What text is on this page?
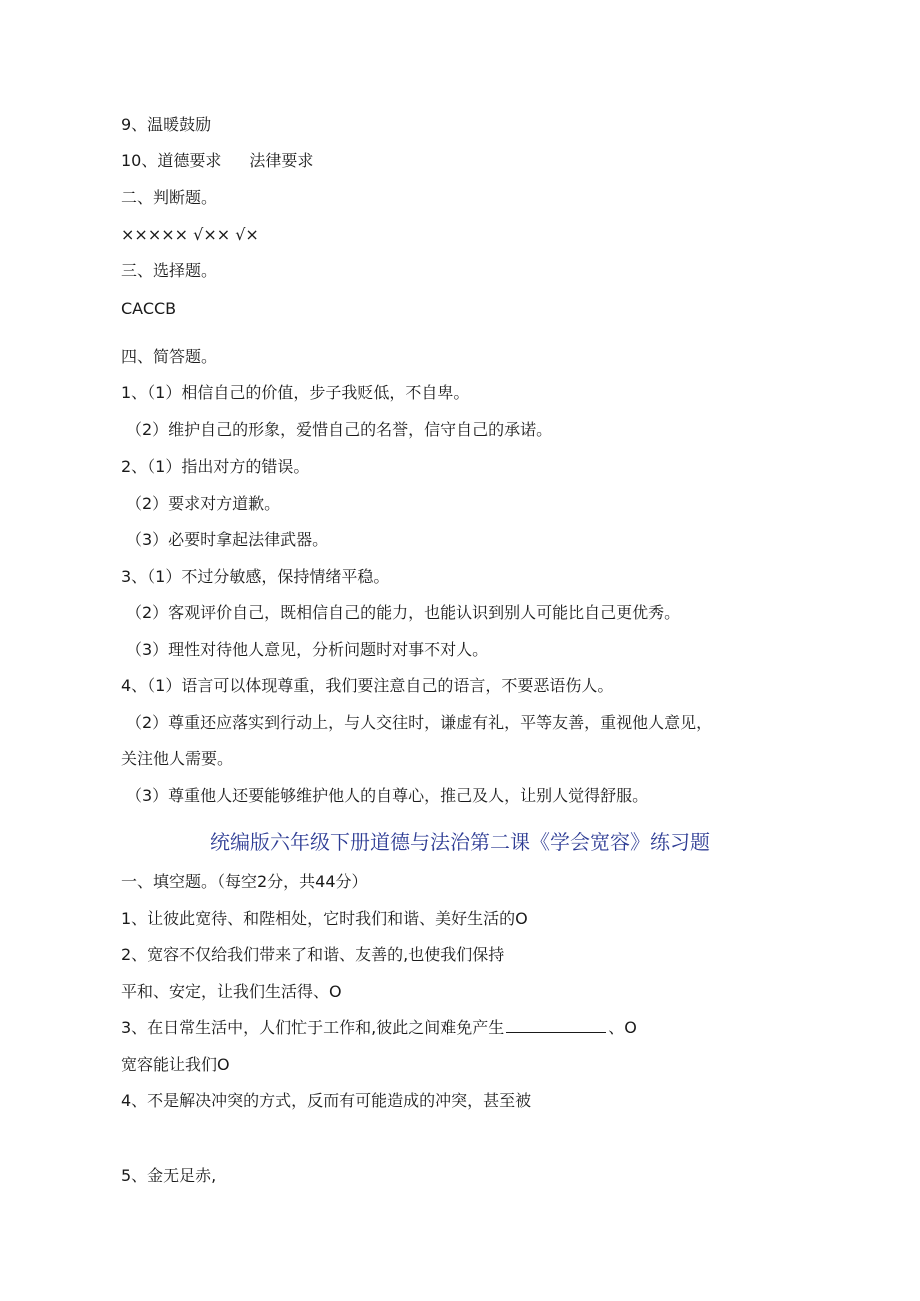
9、温暖鼓励
10、道德要求 法律要求
二、判断题。
××××× √×× √×
三、选择题。
CACCB
四、简答题。
1、（1）相信自己的价值，步子我贬低，不自卑。
（2）维护自己的形象，爱惜自己的名誉，信守自己的承诺。
2、（1）指出对方的错误。
（2）要求对方道歉。
（3）必要时拿起法律武器。
3、（1）不过分敏感，保持情绪平稳。
（2）客观评价自己，既相信自己的能力，也能认识到别人可能比自己更优秀。
（3）理性对待他人意见，分析问题时对事不对人。
4、（1）语言可以体现尊重，我们要注意自己的语言，不要恶语伤人。
（2）尊重还应落实到行动上，与人交往时，谦虚有礼，平等友善，重视他人意见，
关注他人需要。
（3）尊重他人还要能够维护他人的自尊心，推己及人，让别人觉得舒服。
统编版六年级下册道德与法治第二课《学会宽容》练习题
一、填空题。（每空2分，共44分）
1、让彼此宽待、和陛相处，它时我们和谐、美好生活的O
2、宽容不仅给我们带来了和谐、友善的,也使我们保持
平和、安定，让我们生活得、O
3、在日常生活中，人们忙于工作和,彼此之间难免产生	、O
宽容能让我们O
4、不是解决冲突的方式，反而有可能造成的冲突，甚至被
5、金无足赤,
